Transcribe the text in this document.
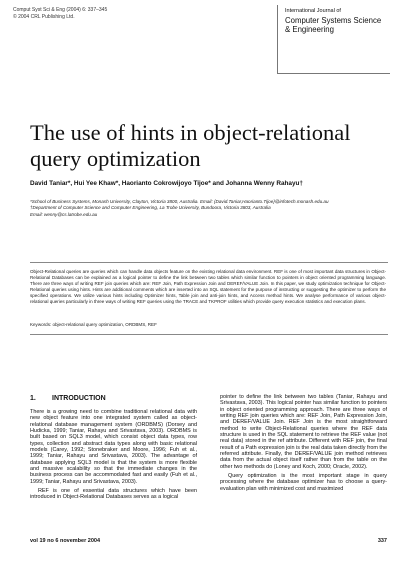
Comput Syst Sci & Eng (2004) 6: 337–345
© 2004 CRL Publishing Ltd.
International Journal of
Computer Systems Science & Engineering
The use of hints in object-relational query optimization
David Taniar*, Hui Yee Khaw*, Haorianto Cokrowijoyo Tijoe* and Johanna Wenny Rahayu†
*School of Business Systems, Monash University, Clayton, Victoria 3800, Australia. Email: {David.Taniar,Haorianto.Tijoe}@infotech.monash.edu.au
†Department of Computer Science and Computer Engineering, La Trobe University, Bundoora, Victoria 3803, Australia
Email: wenny@cs.latrobe.edu.au
Object-Relational queries are queries which can handle data objects feature on the existing relational data environment. REF is one of most important data structures in Object-Relational Databases can be explained as a logical pointer to define the link between two tables which similar function to pointers in object oriented programming language. There are three ways of writing REF join queries which are: REF Join, Path Expression Join and DEREF/VALUE Join. In this paper, we study optimization technique for Object-Relational queries using hints. Hints are additional comments which are inserted into an SQL statement for the purpose of instructing or suggesting the optimizer to perform the specified operations. We utilize various hints including Optimizer hints, Table join and anti-join hints, and Access method hints. We analyse performance of various object-relational queries particularly in three ways of writing REF queries using the TRACE and TKPROF utilities which provide query execution statistics and execution plans.
Keywords: object-relational query optimization, ORDBMS, REF
1. INTRODUCTION

There is a growing need to combine traditional relational data with new object feature into one integrated system called as object-relational database management system (ORDBMS) (Dorsey and Hudicka, 1999; Taniar, Rahayu and Srivastava, 2003). ORDBMS is built based on SQL3 model, which consist object data types, row types, collection and abstract data types along with basic relational models (Carey, 1992; Stonebraker and Moore, 1996; Fuh et al., 1999; Taniar, Rahayu and Srivastava, 2003). The advantage of database applying SQL3 model is that the system is more flexible and massive scalability so that the immediate changes in the business process can be accommodated fast and easily (Fuh et al., 1999; Taniar, Rahayu and Srivastava, 2003).

REF is one of essential data structures which have been introduced in Object-Relational Databases serves as a logical

pointer to define the link between two tables (Taniar, Rahayu and Srivastava, 2003). This logical pointer has similar function to pointers in object oriented programming approach. There are three ways of writing REF join queries which are: REF Join, Path Expression Join, and DEREF/VALUE Join. REF Join is the most straightforward method to write Object-Relational queries where the REF data structure is used in the SQL statement to retrieve the REF value (not real data) stored in the ref attribute. Different with REF join, the final result of a Path expression join is the real data taken directly from the referred attribute. Finally, the DEREF/VALUE join method retrieves data from the actual object itself rather than from the table on the other two methods do (Loney and Koch, 2000; Oracle, 2002).

Query optimization is the most important stage in query processing where the database optimizer has to choose a query-evaluation plan with minimized cost and maximized

vol 19 no 6 november 2004	337
